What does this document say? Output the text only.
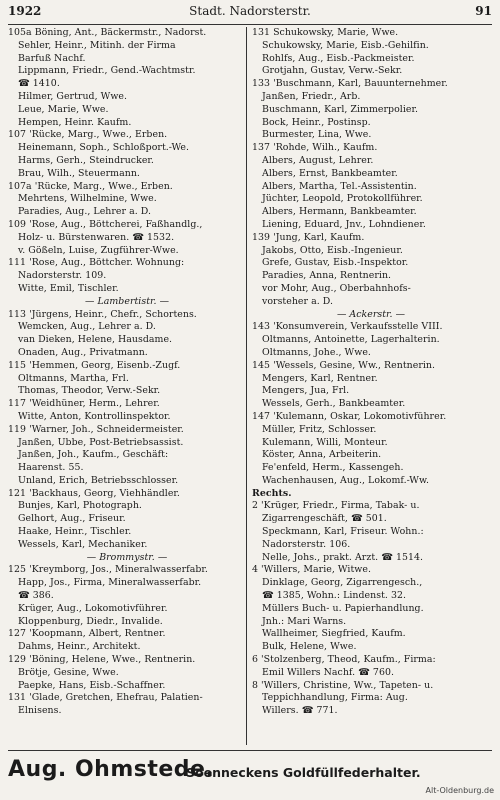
1922	Stadt. Nadorsterstr.	91
105a Böning, Ant., Bäckermstr., Nadorst.
Sehler, Heinr., Mitinh. der Firma
Barfuß Nachf.
Lippmann, Friedr., Gend.-Wachtmstr.
☎ 1410.
Hilmer, Gertrud, Wwe.
Leue, Marie, Wwe.
Hempen, Heinr. Kaufm.
107 'Rücke, Marg., Wwe., Erben.
Heinemann, Soph., Schloßport.-We.
Harms, Gerh., Steindrucker.
Brau, Wilh., Steuermann.
107a 'Rücke, Marg., Wwe., Erben.
Mehrtens, Wilhelmine, Wwe.
Paradies, Aug., Lehrer a. D.
109 'Rose, Aug., Böttcherei, Faßhandlg.,
Holz- u. Bürstenwaren. ☎ 1532.
v. Gößeln, Luise, Zugführer-Wwe.
111 'Rose, Aug., Böttcher. Wohnung:
Nadorsterstr. 109.
Witte, Emil, Tischler.
— Lambertistr. —
113 'Jürgens, Heinr., Chefr., Schortens.
Wemcken, Aug., Lehrer a. D.
van Dieken, Helene, Hausdame.
Onaden, Aug., Privatmann.
115 'Hemmen, Georg, Eisenb.-Zugf.
Oltmanns, Martha, Frl.
Thomas, Theodor, Verw.-Sekr.
117 'Weidhüner, Herm., Lehrer.
Witte, Anton, Kontrollinspektor.
119 'Warner, Joh., Schneidermeister.
Janßen, Ubbe, Post-Betriebsassist.
Janßen, Joh., Kaufm., Geschäft:
Haarenst. 55.
Unland, Erich, Betriebsschlosser.
121 'Backhaus, Georg, Viehhändler.
Bunjes, Karl, Photograph.
Gelhort, Aug., Friseur.
Haake, Heinr., Tischler.
Wessels, Karl, Mechaniker.
— Brommystr. —
125 'Kreymborg, Jos., Mineralwasserfabr.
Happ, Jos., Firma, Mineralwasserfabr.
☎ 386.
Krüger, Aug., Lokomotivführer.
Kloppenburg, Diedr., Invalide.
127 'Koopmann, Albert, Rentner.
Dahms, Heinr., Architekt.
129 'Böning, Helene, Wwe., Rentnerin.
Brötje, Gesine, Wwe.
Paepke, Hans, Eisb.-Schaffner.
131 'Glade, Gretchen, Ehefrau, Palatien-
Elnisens.
131 Schukowsky, Marie, Wwe.
Schukowsky, Marie, Eisb.-Gehilfin.
Rohlfs, Aug., Eisb.-Packmeister.
Grotjahn, Gustav, Verw.-Sekr.
133 'Buschmann, Karl, Bauunternehmer.
Janßen, Friedr., Arb.
Buschmann, Karl, Zimmerpolier.
Bock, Heinr., Postinsp.
Burmester, Lina, Wwe.
137 'Rohde, Wilh., Kaufm.
Albers, August, Lehrer.
Albers, Ernst, Bankbeamter.
Albers, Martha, Tel.-Assistentin.
Jüchter, Leopold, Protokollführer.
Albers, Hermann, Bankbeamter.
Liening, Eduard, Jnv., Lohndiener.
139 'Jung, Karl, Kaufm.
Jakobs, Otto, Eisb.-Ingenieur.
Grefe, Gustav, Eisb.-Inspektor.
Paradies, Anna, Rentnerin.
vor Mohr, Aug., Oberbahnhofs-
vorsteher a. D.
— Ackerstr. —
143 'Konsumverein, Verkaufsstelle VIII.
Oltmanns, Antoinette, Lagerhalterin.
Oltmanns, Johe., Wwe.
145 'Wessels, Gesine, Ww., Rentnerin.
Mengers, Karl, Rentner.
Mengers, Jua, Frl.
Wessels, Gerh., Bankbeamter.
147 'Kulemann, Oskar, Lokomotivführer.
Müller, Fritz, Schlosser.
Kulemann, Willi, Monteur.
Köster, Anna, Arbeiterin.
Fe'enfeld, Herm., Kassengeh.
Wachenhausen, Aug., Lokomf.-Ww.
Rechts.
2 'Krüger, Friedr., Firma, Tabak- u.
Zigarrengeschäft, ☎ 501.
Speckmann, Karl, Friseur. Wohn.:
Nadorsterstr. 106.
Nelle, Johs., prakt. Arzt. ☎ 1514.
4 'Willers, Marie, Witwe.
Dinklage, Georg, Zigarrengesch.,
☎ 1385, Wohn.: Lindenst. 32.
Müllers Buch- u. Papierhandlung.
Jnh.: Mari Warns.
Wallheimer, Siegfried, Kaufm.
Bulk, Helene, Wwe.
6 'Stolzenberg, Theod, Kaufm., Firma:
Emil Willers Nachf. ☎ 760.
8 'Willers, Christine, Ww., Tapeten- u.
Teppichhandlung, Firma: Aug.
Willers. ☎ 771.
Aug. Ohmstede.
Soenneckens Goldfüllfederhalter.
Alt-Oldenburg.de
